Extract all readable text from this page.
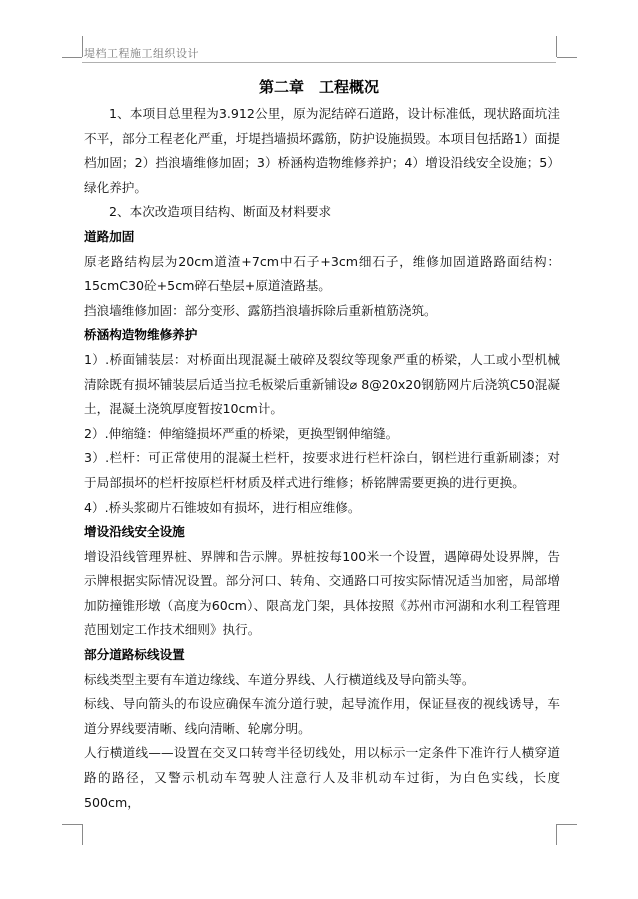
堤档工程施工组织设计
第二章　工程概况

1、本项目总里程为3.912公里，原为泥结碎石道路，设计标准低，现状路面坑洼不平，部分工程老化严重，圩堤挡墙损坏露筋，防护设施损毁。本项目包括路1）面提档加固；2）挡浪墙维修加固；3）桥涵构造物维修养护；4）增设沿线安全设施；5）绿化养护。

2、本次改造项目结构、断面及材料要求

道路加固

原老路结构层为20cm道渣+7cm中石子+3cm细石子，维修加固道路路面结构：15cmC30砼+5cm碎石垫层+原道渣路基。

挡浪墙维修加固：部分变形、露筋挡浪墙拆除后重新植筋浇筑。

桥涵构造物维修养护

1）.桥面铺装层：对桥面出现混凝土破碎及裂纹等现象严重的桥梁，人工或小型机械清除既有损坏铺装层后适当拉毛板梁后重新铺设⌀ 8@20x20钢筋网片后浇筑C50混凝土，混凝土浇筑厚度暂按10cm计。

2）.伸缩缝：伸缩缝损坏严重的桥梁，更换型钢伸缩缝。

3）.栏杆：可正常使用的混凝土栏杆，按要求进行栏杆涂白，钢栏进行重新刷漆；对于局部损坏的栏杆按原栏杆材质及样式进行维修；桥铭牌需要更换的进行更换。

4）.桥头浆砌片石锥坡如有损坏，进行相应维修。

增设沿线安全设施

增设沿线管理界桩、界牌和告示牌。界桩按每100米一个设置，遇障碍处设界牌，告示牌根据实际情况设置。部分河口、转角、交通路口可按实际情况适当加密，局部增加防撞锥形墩（高度为60cm）、限高龙门架，具体按照《苏州市河湖和水利工程管理范围划定工作技术细则》执行。

部分道路标线设置

标线类型主要有车道边缘线、车道分界线、人行横道线及导向箭头等。

标线、导向箭头的布设应确保车流分道行驶，起导流作用，保证昼夜的视线诱导，车道分界线要清晰、线向清晰、轮廓分明。

人行横道线——设置在交叉口转弯半径切线处，用以标示一定条件下准许行人横穿道路的路径，又警示机动车驾驶人注意行人及非机动车过街，为白色实线，长度500cm，
